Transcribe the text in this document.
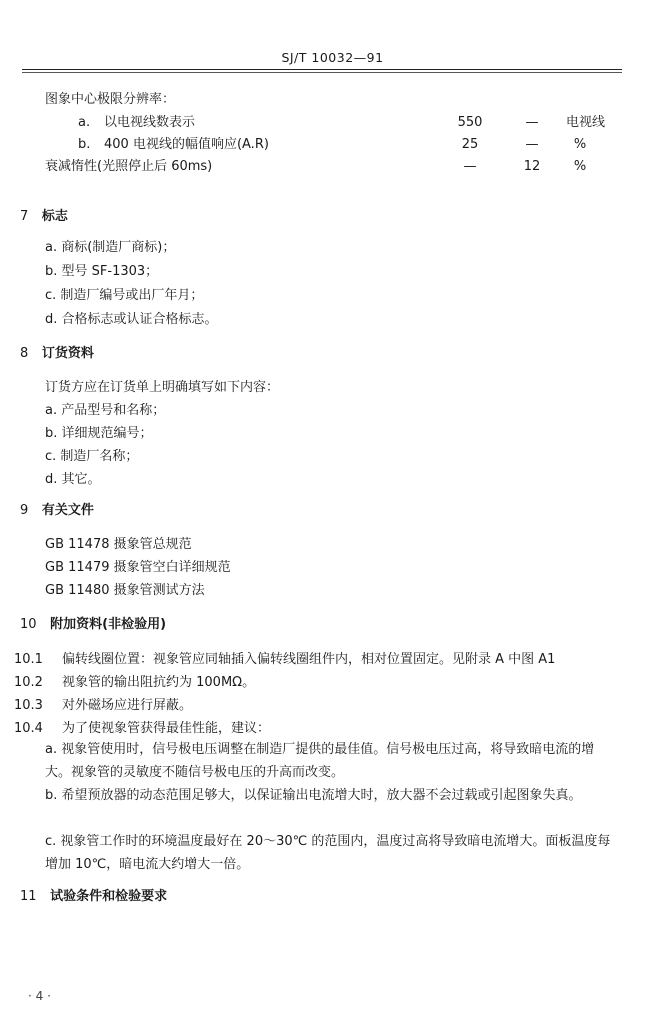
SJ/T 10032—91
图象中心极限分辨率：
a. 以电视线数表示	550	—	电视线
b. 400 电视线的幅值响应(A.R)	25	—	%
衰减惰性(光照停止后 60ms)	—	12	%
7 标志
a. 商标(制造厂商标)；
b. 型号 SF-1303；
c. 制造厂编号或出厂年月；
d. 合格标志或认证合格标志。
8 订货资料
订货方应在订货单上明确填写如下内容：
a. 产品型号和名称；
b. 详细规范编号；
c. 制造厂名称；
d. 其它。
9 有关文件
GB 11478 摄象管总规范
GB 11479 摄象管空白详细规范
GB 11480 摄象管测试方法
10 附加资料(非检验用)
10.1 偏转线圈位置：视象管应同轴插入偏转线圈组件内，相对位置固定。见附录 A 中图 A1
10.2 视象管的输出阻抗约为 100MΩ。
10.3 对外磁场应进行屏蔽。
10.4 为了使视象管获得最佳性能，建议：
a. 视象管使用时，信号极电压调整在制造厂提供的最佳值。信号极电压过高，将导致暗电流的增大。视象管的灵敏度不随信号极电压的升高而改变。
b. 希望预放器的动态范围足够大，以保证输出电流增大时，放大器不会过载或引起图象失真。
c. 视象管工作时的环境温度最好在 20～30℃ 的范围内，温度过高将导致暗电流增大。面板温度每增加 10℃，暗电流大约增大一倍。
11 试验条件和检验要求
· 4 ·
